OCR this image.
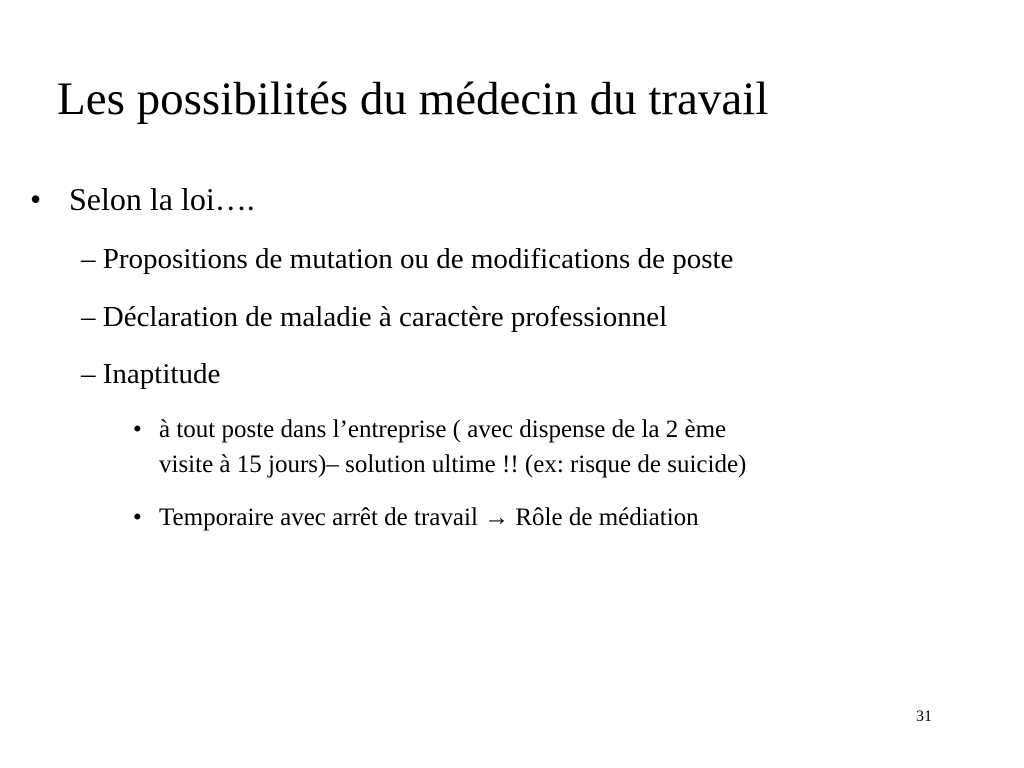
Les possibilités du médecin du travail
• Selon la loi….
– Propositions de mutation ou de modifications de poste
– Déclaration de maladie à caractère professionnel
– Inaptitude
• à tout poste dans l’entreprise ( avec dispense de la 2 ème
visite à 15 jours)– solution ultime !! (ex: risque de suicide)
• Temporaire avec arrêt de travail → Rôle de médiation
31
